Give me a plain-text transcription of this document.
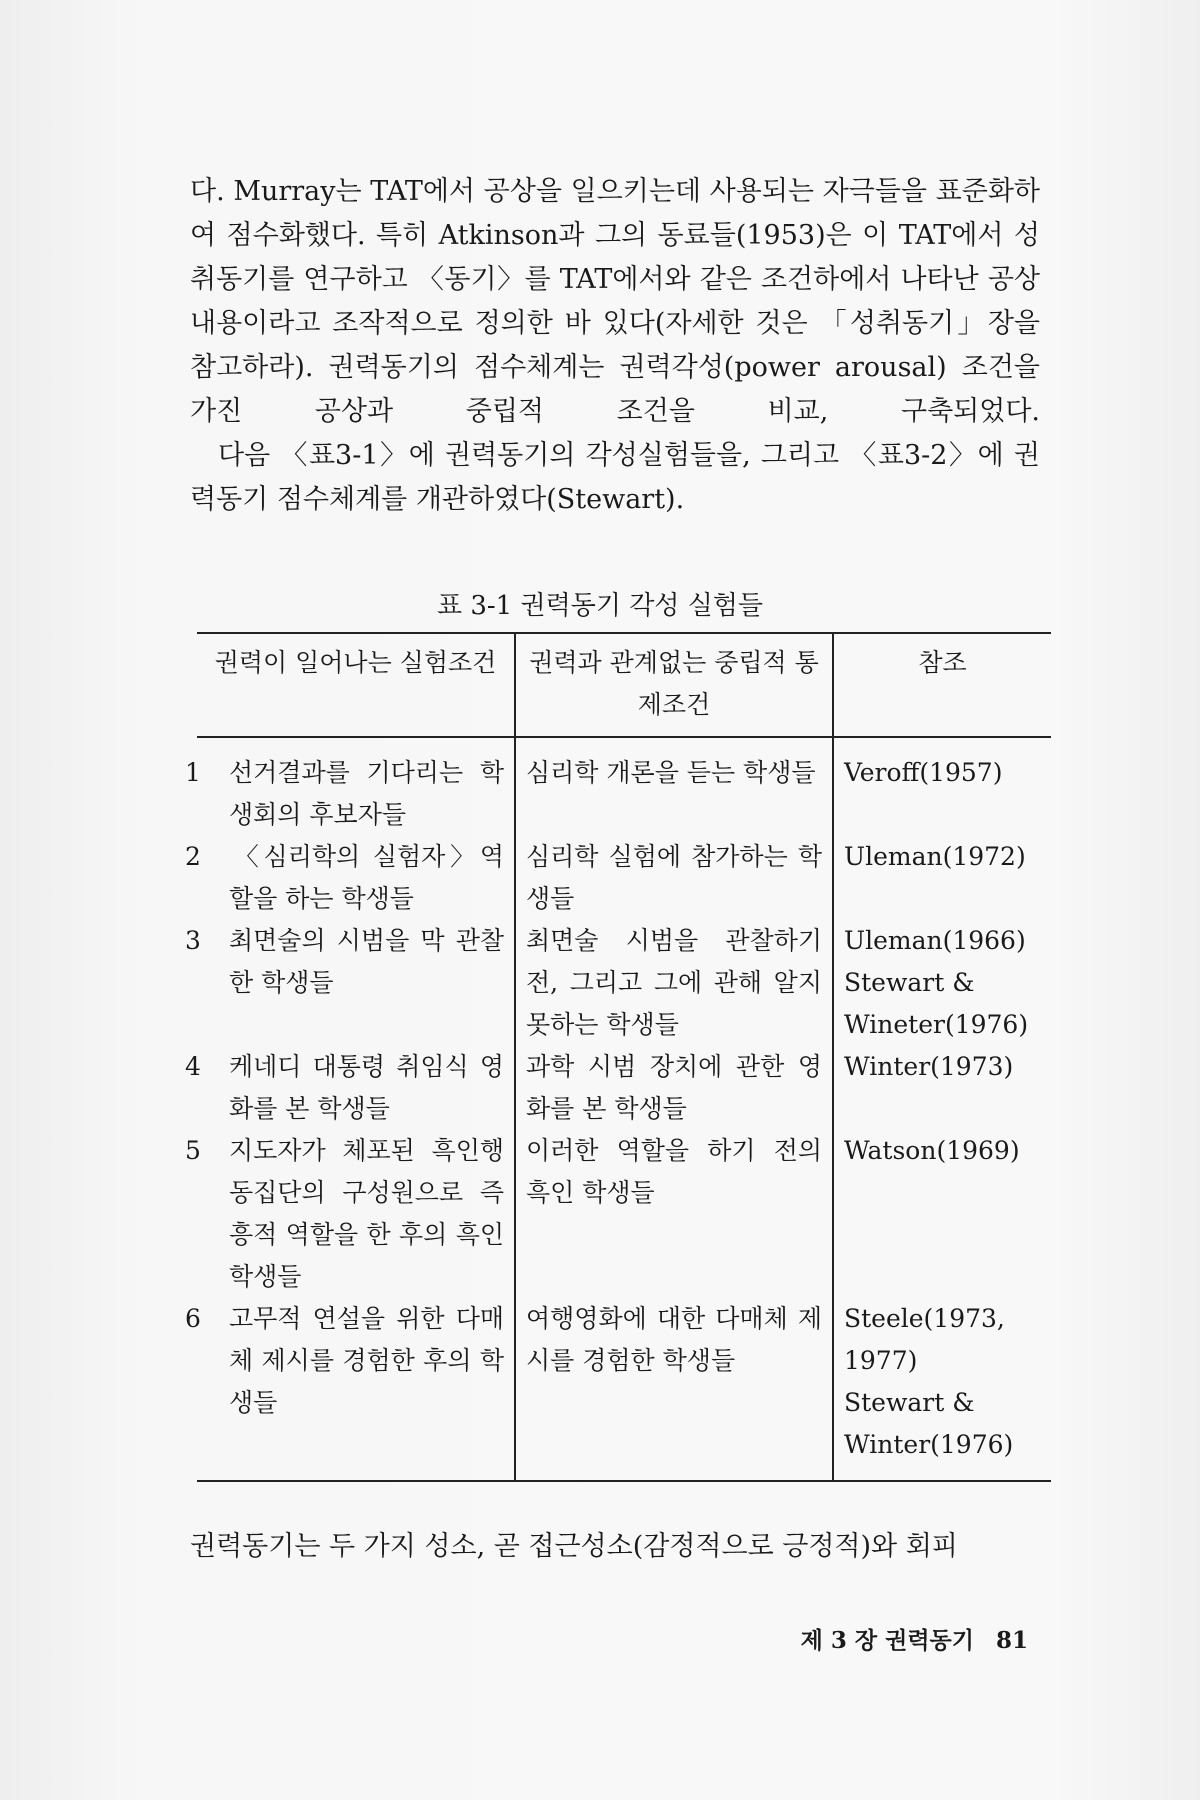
다. Murray는 TAT에서 공상을 일으키는데 사용되는 자극들을 표준화하여 점수화했다. 특히 Atkinson과 그의 동료들(1953)은 이 TAT에서 성취동기를 연구하고 〈동기〉를 TAT에서와 같은 조건하에서 나타난 공상내용이라고 조작적으로 정의한 바 있다(자세한 것은 「성취동기」장을 참고하라). 권력동기의 점수체계는 권력각성(power arousal) 조건을 가진 공상과 중립적 조건을 비교, 구축되었다.

다음 〈표3-1〉에 권력동기의 각성실험들을, 그리고 〈표3-2〉에 권력동기 점수체계를 개관하였다(Stewart).

표 3-1 권력동기 각성 실험들

권력이 일어나는 실험조건	권력과 관계없는 중립적 통제조건	참조

1 선거결과를 기다리는 학생회의 후보자들	심리학 개론을 듣는 학생들	Veroff(1957)

2 〈심리학의 실험자〉역할을 하는 학생들	심리학 실험에 참가하는 학생들	Uleman(1972)

3 최면술의 시범을 막 관찰한 학생들	최면술 시범을 관찰하기 전, 그리고 그에 관해 알지 못하는 학생들	Uleman(1966)
Stewart &
Wineter(1976)

4 케네디 대통령 취임식 영화를 본 학생들	과학 시범 장치에 관한 영화를 본 학생들	Winter(1973)

5 지도자가 체포된 흑인행동집단의 구성원으로 즉흥적 역할을 한 후의 흑인학생들	이러한 역할을 하기 전의 흑인 학생들	Watson(1969)

6 고무적 연설을 위한 다매체 제시를 경험한 후의 학생들	여행영화에 대한 다매체 제시를 경험한 학생들	Steele(1973,
1977)
Stewart &
Winter(1976)

권력동기는 두 가지 성소, 곧 접근성소(감정적으로 긍정적)와 회피

제 3 장 권력동기 81
